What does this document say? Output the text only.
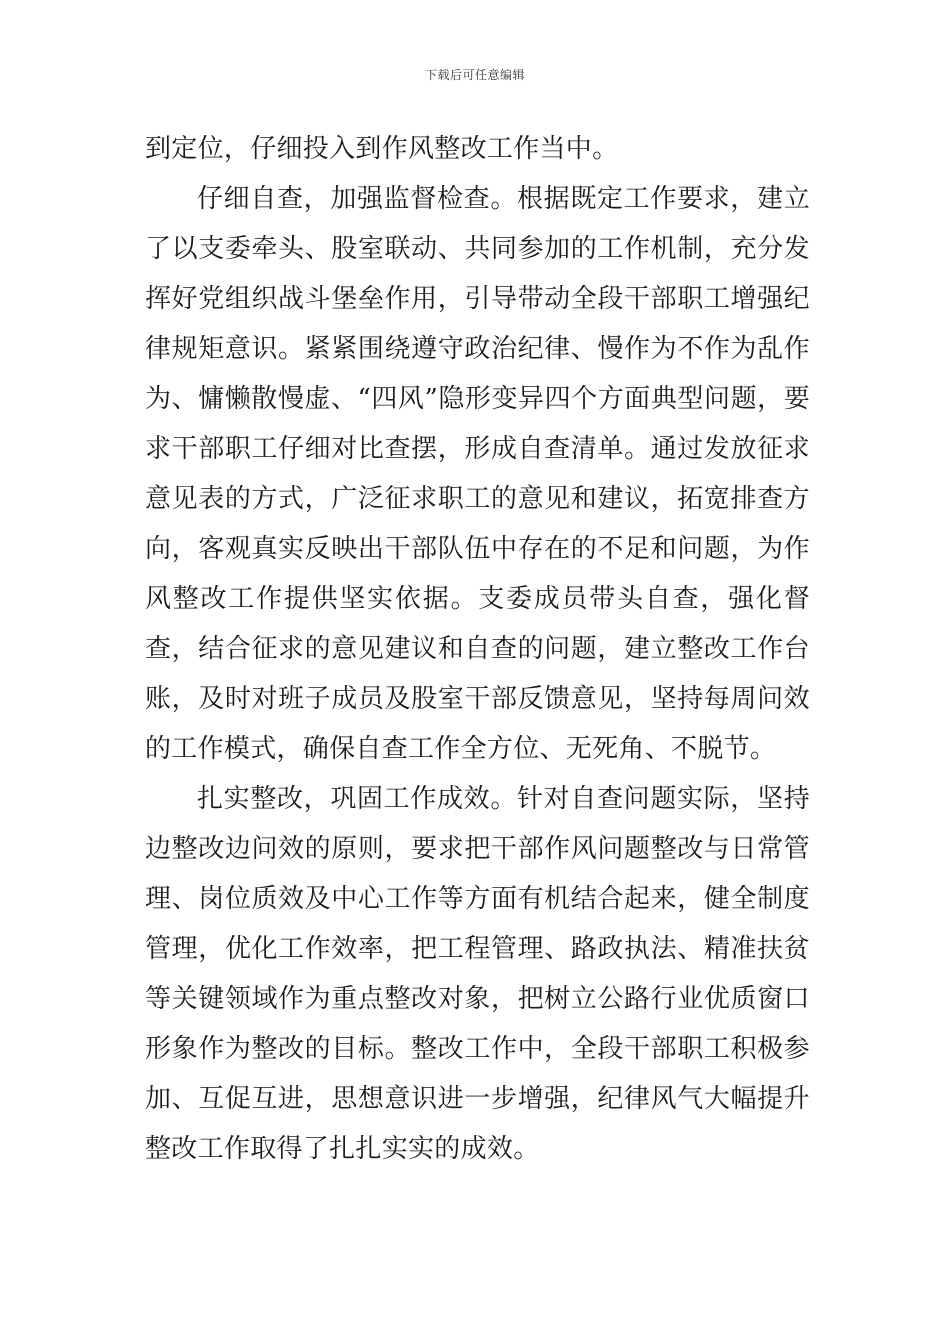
下载后可任意编辑

到定位，仔细投入到作风整改工作当中。

仔细自查，加强监督检查。根据既定工作要求，建立了以支委牵头、股室联动、共同参加的工作机制，充分发挥好党组织战斗堡垒作用，引导带动全段干部职工增强纪律规矩意识。紧紧围绕遵守政治纪律、慢作为不作为乱作为、慵懒散慢虚、“四风”隐形变异四个方面典型问题，要求干部职工仔细对比查摆，形成自查清单。通过发放征求意见表的方式，广泛征求职工的意见和建议，拓宽排查方向，客观真实反映出干部队伍中存在的不足和问题，为作风整改工作提供坚实依据。支委成员带头自查，强化督查，结合征求的意见建议和自查的问题，建立整改工作台账，及时对班子成员及股室干部反馈意见，坚持每周问效的工作模式，确保自查工作全方位、无死角、不脱节。

扎实整改，巩固工作成效。针对自查问题实际，坚持边整改边问效的原则，要求把干部作风问题整改与日常管理、岗位质效及中心工作等方面有机结合起来，健全制度管理，优化工作效率，把工程管理、路政执法、精准扶贫等关键领域作为重点整改对象，把树立公路行业优质窗口形象作为整改的目标。整改工作中，全段干部职工积极参加、互促互进，思想意识进一步增强，纪律风气大幅提升整改工作取得了扎扎实实的成效。
